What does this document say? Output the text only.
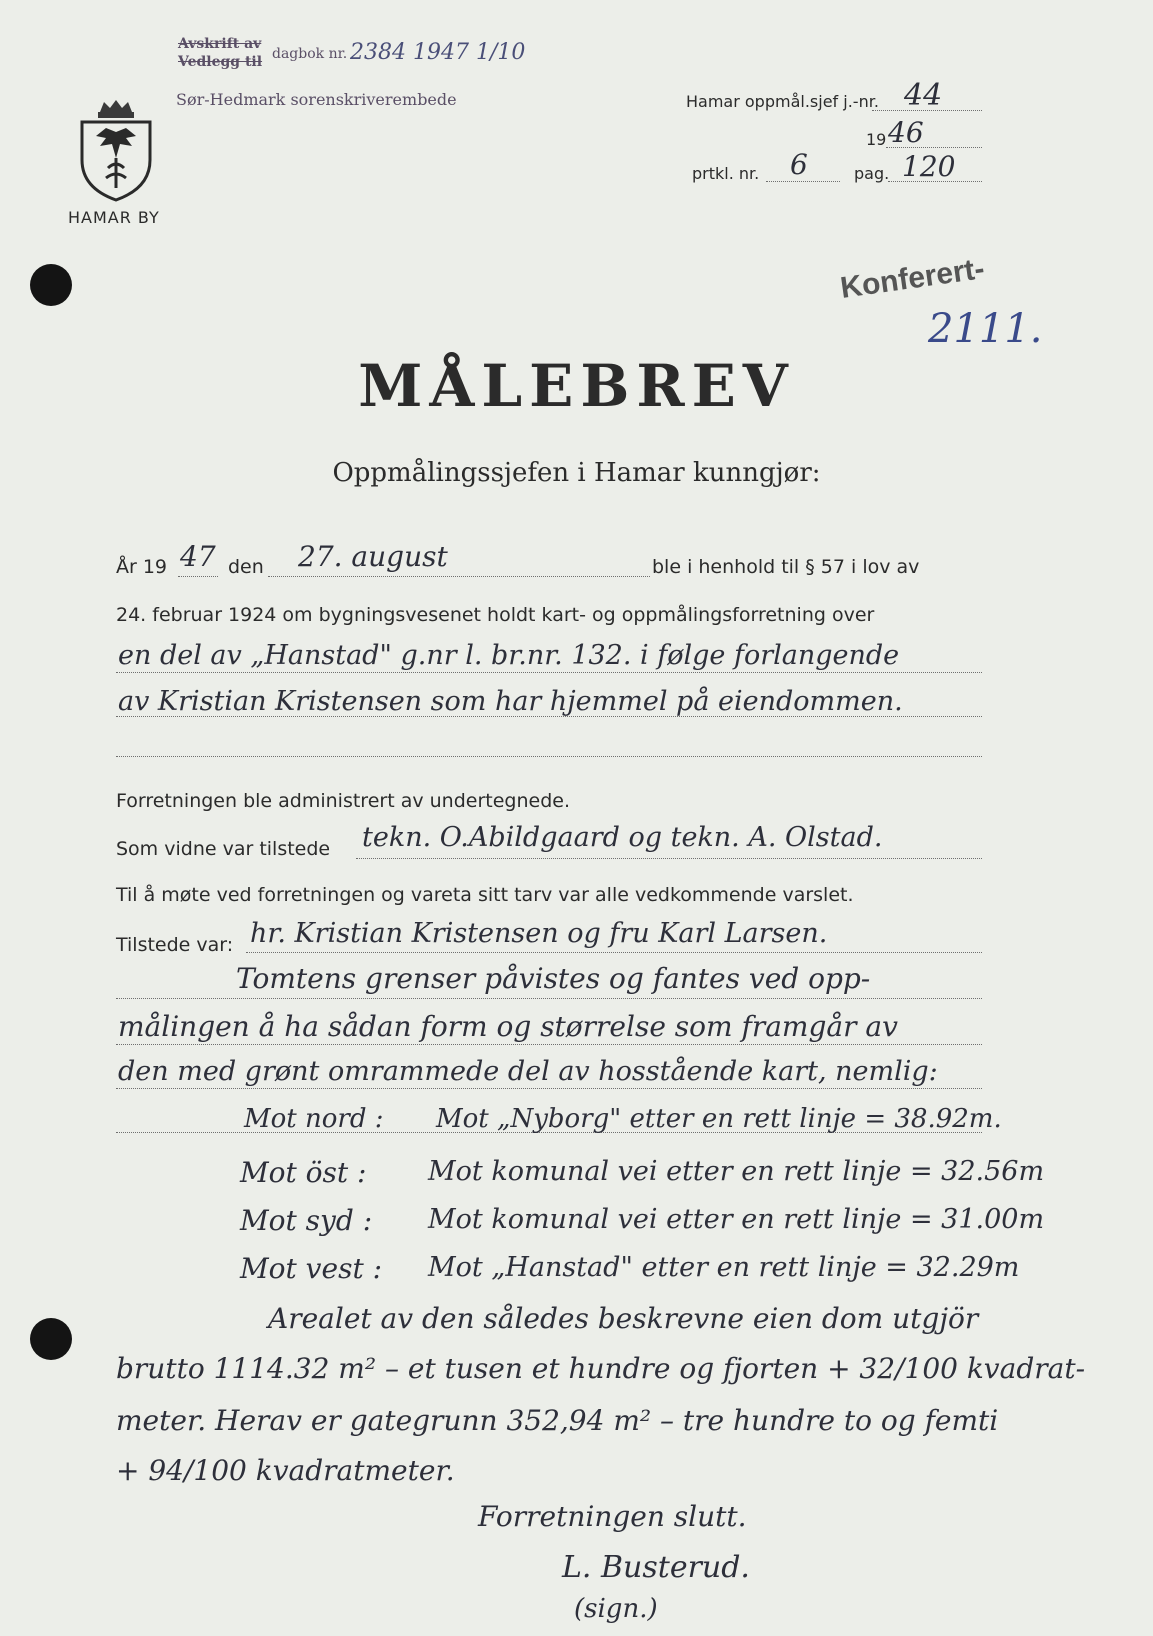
Avskrift av
Vedlegg til dagbok nr. 2384 1947 1/10
Sør-Hedmark sorenskriverembede
HAMAR BY
Hamar oppmål.sjef j.-nr. 44
19 46
prtkl. nr. 6	pag. 120
Konferert-
2111.
MÅLEBREV
Oppmålingssjefen i Hamar kunngjør:
År 19 47 den 27. august	ble i henhold til § 57 i lov av
24. februar 1924 om bygningsvesenet holdt kart- og oppmålingsforretning over
en del av „Hanstad" g.nr l. br.nr. 132. i følge forlangende
av Kristian Kristensen som har hjemmel på eiendommen.
Forretningen ble administrert av undertegnede.
Som vidne var tilstede tekn. O.Abildgaard og tekn. A. Olstad.
Til å møte ved forretningen og vareta sitt tarv var alle vedkommende varslet.
Tilstede var: hr. Kristian Kristensen og fru Karl Larsen.
Tomtens grenser påvistes og fantes ved opp-
målingen å ha sådan form og størrelse som framgår av
den med grønt omrammede del av hosstående kart, nemlig:
Mot nord : Mot „Nyborg" etter en rett linje = 38.92m.
Mot öst : Mot komunal vei etter en rett linje = 32.56m
Mot syd : Mot komunal vei etter en rett linje = 31.00m
Mot vest : Mot „Hanstad" etter en rett linje = 32.29m
Arealet av den således beskrevne eien dom utgjör
brutto 1114.32 m² – et tusen et hundre og fjorten + 32/100 kvadrat-
meter. Herav er gategrunn 352,94 m² – tre hundre to og femti
+ 94/100 kvadratmeter.
Forretningen slutt.
L. Busterud.
(sign.)
